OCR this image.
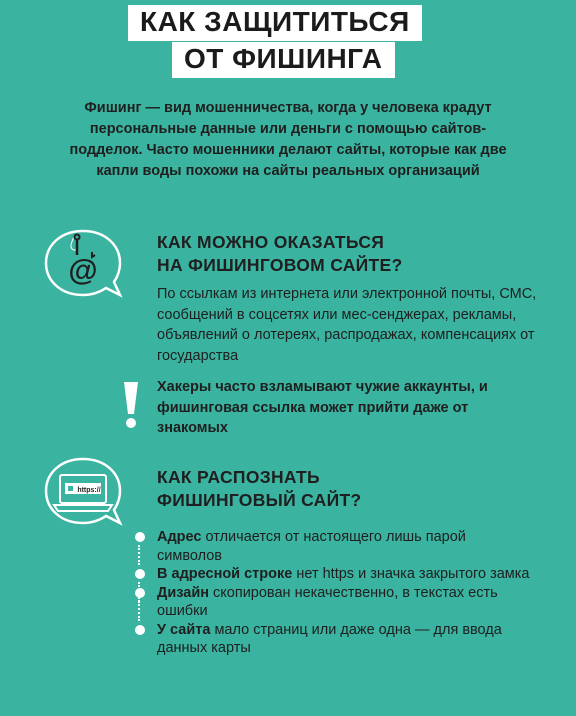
КАК ЗАЩИТИТЬСЯ
ОТ ФИШИНГА
Фишинг — вид мошенничества, когда у человека крадут персональные данные или деньги с помощью сайтов-подделок. Часто мошенники делают сайты, которые как две капли воды похожи на сайты реальных организаций
@
КАК МОЖНО ОКАЗАТЬСЯ
НА ФИШИНГОВОМ САЙТЕ?
По ссылкам из интернета или электронной почты, СМС, сообщений в соцсетях или мес-сенджерах, рекламы, объявлений о лотереях, распродажах, компенсациях от государства
Хакеры часто взламывают чужие аккаунты, и фишинговая ссылка может прийти даже от знакомых
https://
КАК РАСПОЗНАТЬ
ФИШИНГОВЫЙ САЙТ?
Адрес отличается от настоящего лишь парой символов
В адресной строке нет https и значка закрытого замка
Дизайн скопирован некачественно, в текстах есть ошибки
У сайта мало страниц или даже одна — для ввода данных карты
